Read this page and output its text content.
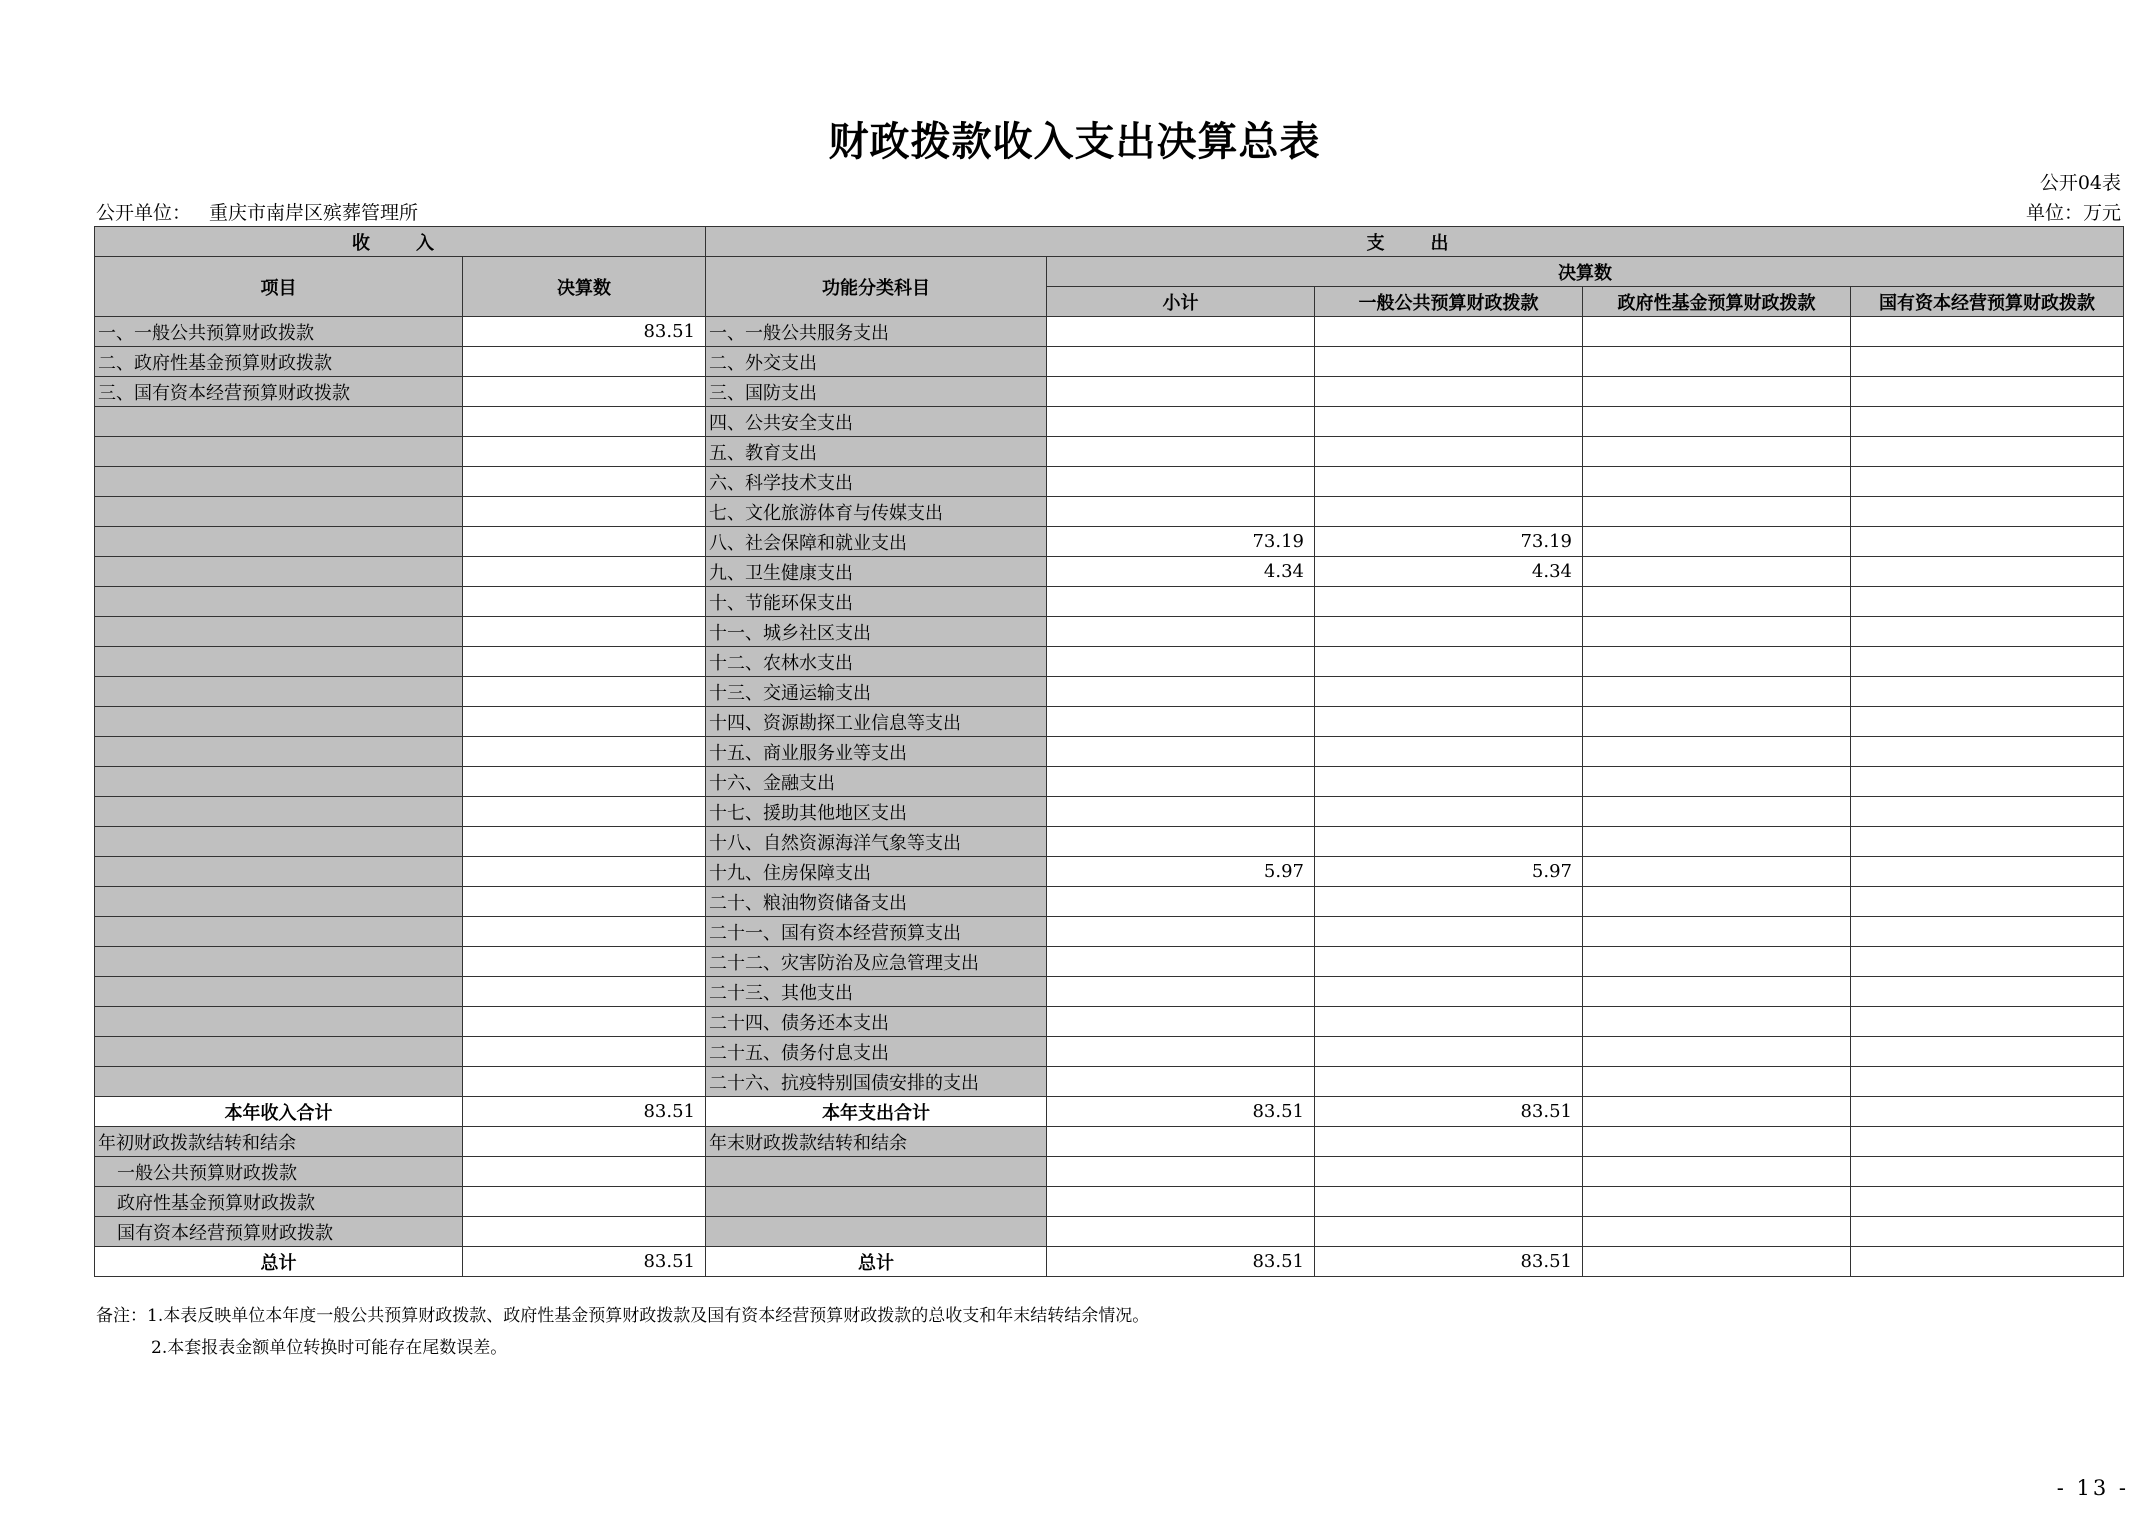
财政拨款收入支出决算总表
公开04表
公开单位： 重庆市南岸区殡葬管理所	单位：万元
收　入		支　出				
项目	决算数	功能分类科目	决算数			
			小计	一般公共预算财政拨款	政府性基金预算财政拨款	国有资本经营预算财政拨款
一、一般公共预算财政拨款	83.51	一、一般公共服务支出				
二、政府性基金预算财政拨款		二、外交支出				
三、国有资本经营预算财政拨款		三、国防支出				
		四、公共安全支出				
		五、教育支出				
		六、科学技术支出				
		七、文化旅游体育与传媒支出				
		八、社会保障和就业支出	73.19	73.19		
		九、卫生健康支出	4.34	4.34		
		十、节能环保支出				
		十一、城乡社区支出				
		十二、农林水支出				
		十三、交通运输支出				
		十四、资源勘探工业信息等支出				
		十五、商业服务业等支出				
		十六、金融支出				
		十七、援助其他地区支出				
		十八、自然资源海洋气象等支出				
		十九、住房保障支出	5.97	5.97		
		二十、粮油物资储备支出				
		二十一、国有资本经营预算支出				
		二十二、灾害防治及应急管理支出				
		二十三、其他支出				
		二十四、债务还本支出				
		二十五、债务付息支出				
		二十六、抗疫特别国债安排的支出				
本年收入合计	83.51	本年支出合计	83.51	83.51		
年初财政拨款结转和结余		年末财政拨款结转和结余				
一般公共预算财政拨款						
政府性基金预算财政拨款						
国有资本经营预算财政拨款						
总计	83.51	总计	83.51	83.51		
备注：1.本表反映单位本年度一般公共预算财政拨款、政府性基金预算财政拨款及国有资本经营预算财政拨款的总收支和年末结转结余情况。
2.本套报表金额单位转换时可能存在尾数误差。
- 13 -
